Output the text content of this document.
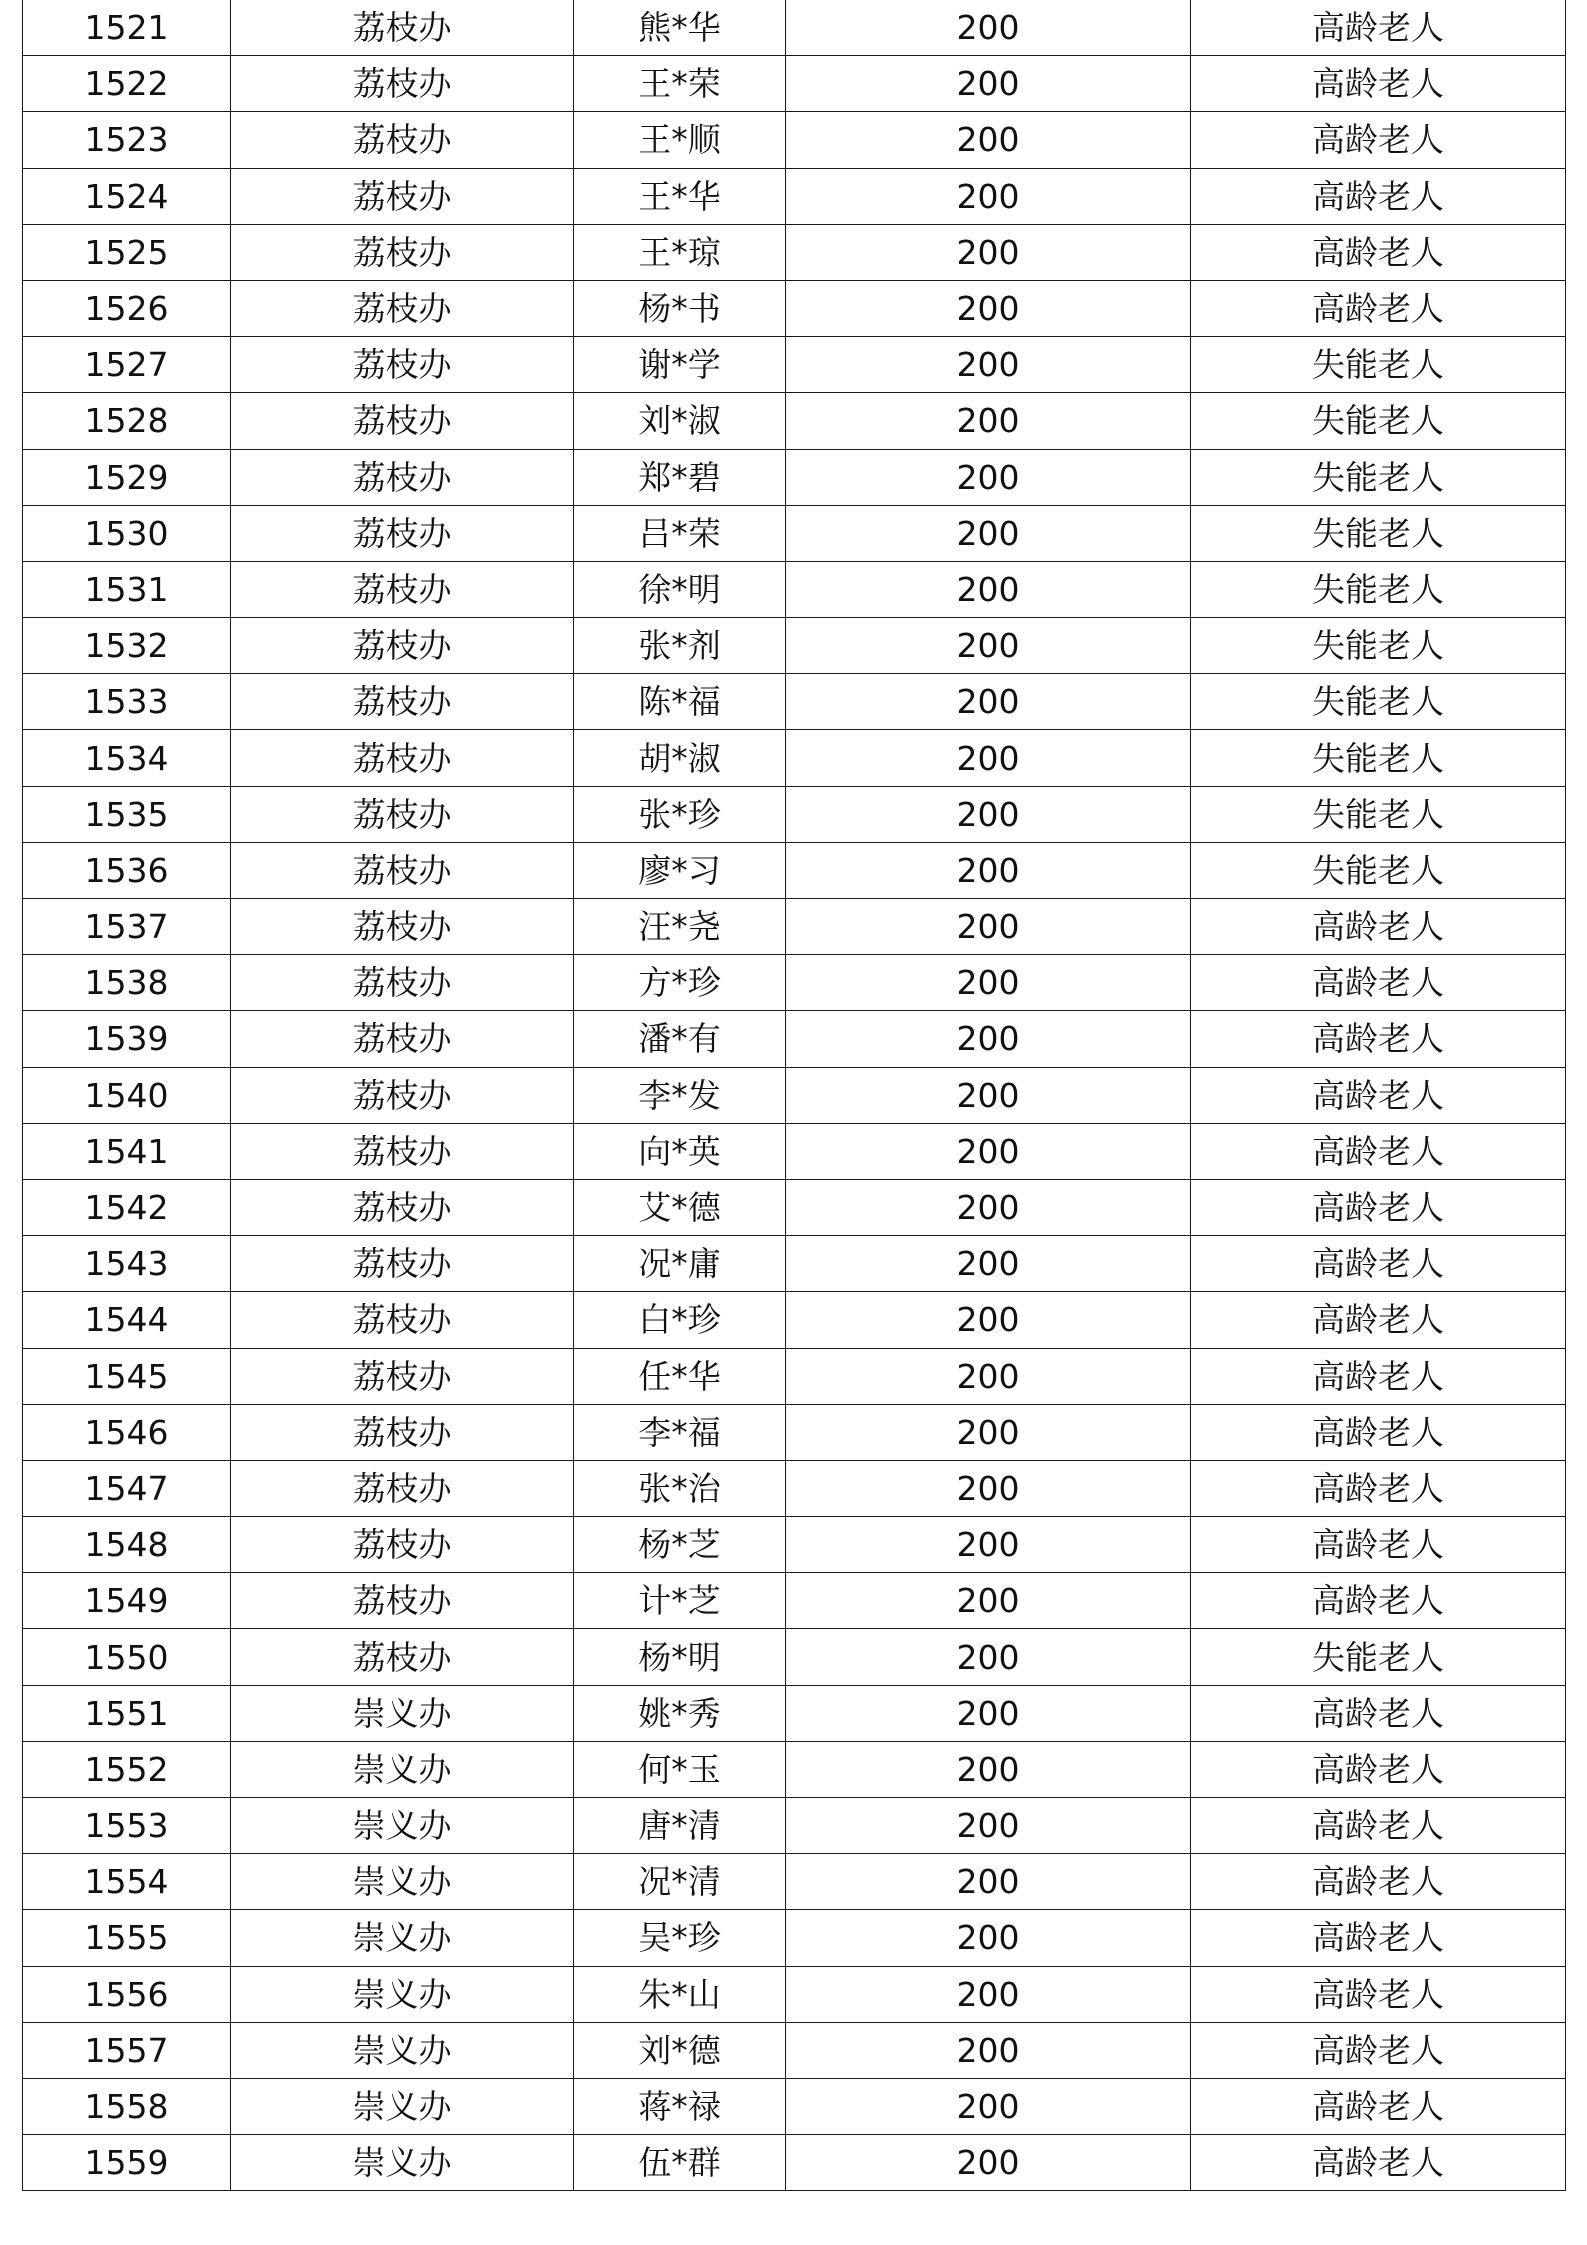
1521	荔枝办	熊*华	200	高龄老人
1522	荔枝办	王*荣	200	高龄老人
1523	荔枝办	王*顺	200	高龄老人
1524	荔枝办	王*华	200	高龄老人
1525	荔枝办	王*琼	200	高龄老人
1526	荔枝办	杨*书	200	高龄老人
1527	荔枝办	谢*学	200	失能老人
1528	荔枝办	刘*淑	200	失能老人
1529	荔枝办	郑*碧	200	失能老人
1530	荔枝办	吕*荣	200	失能老人
1531	荔枝办	徐*明	200	失能老人
1532	荔枝办	张*剂	200	失能老人
1533	荔枝办	陈*福	200	失能老人
1534	荔枝办	胡*淑	200	失能老人
1535	荔枝办	张*珍	200	失能老人
1536	荔枝办	廖*习	200	失能老人
1537	荔枝办	汪*尧	200	高龄老人
1538	荔枝办	方*珍	200	高龄老人
1539	荔枝办	潘*有	200	高龄老人
1540	荔枝办	李*发	200	高龄老人
1541	荔枝办	向*英	200	高龄老人
1542	荔枝办	艾*德	200	高龄老人
1543	荔枝办	况*庸	200	高龄老人
1544	荔枝办	白*珍	200	高龄老人
1545	荔枝办	任*华	200	高龄老人
1546	荔枝办	李*福	200	高龄老人
1547	荔枝办	张*治	200	高龄老人
1548	荔枝办	杨*芝	200	高龄老人
1549	荔枝办	计*芝	200	高龄老人
1550	荔枝办	杨*明	200	失能老人
1551	崇义办	姚*秀	200	高龄老人
1552	崇义办	何*玉	200	高龄老人
1553	崇义办	唐*清	200	高龄老人
1554	崇义办	况*清	200	高龄老人
1555	崇义办	吴*珍	200	高龄老人
1556	崇义办	朱*山	200	高龄老人
1557	崇义办	刘*德	200	高龄老人
1558	崇义办	蒋*禄	200	高龄老人
1559	崇义办	伍*群	200	高龄老人
